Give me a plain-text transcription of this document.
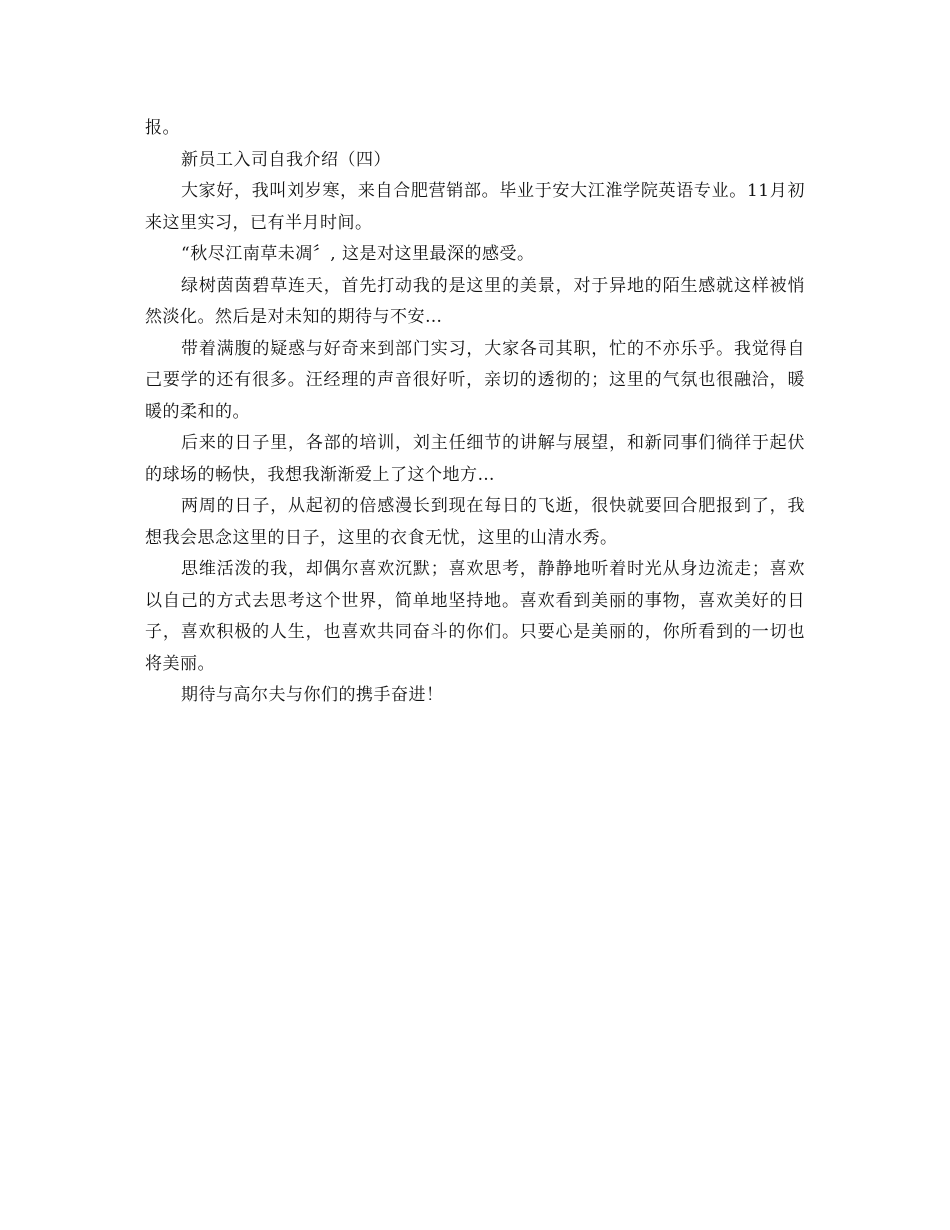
报。

新员工入司自我介绍（四）

大家好，我叫刘岁寒，来自合肥营销部。毕业于安大江淮学院英语专业。11月初来这里实习，已有半月时间。

“秋尽江南草未凋〞, 这是对这里最深的感受。

绿树茵茵碧草连天，首先打动我的是这里的美景，对于异地的陌生感就这样被悄然淡化。然后是对未知的期待与不安…

带着满腹的疑惑与好奇来到部门实习，大家各司其职，忙的不亦乐乎。我觉得自己要学的还有很多。汪经理的声音很好听，亲切的透彻的；这里的气氛也很融洽，暖暖的柔和的。

后来的日子里，各部的培训，刘主任细节的讲解与展望，和新同事们徜徉于起伏的球场的畅快，我想我渐渐爱上了这个地方…

两周的日子，从起初的倍感漫长到现在每日的飞逝，很快就要回合肥报到了，我想我会思念这里的日子，这里的衣食无忧，这里的山清水秀。

思维活泼的我，却偶尔喜欢沉默；喜欢思考，静静地听着时光从身边流走；喜欢以自己的方式去思考这个世界，简单地坚持地。喜欢看到美丽的事物，喜欢美好的日子，喜欢积极的人生，也喜欢共同奋斗的你们。只要心是美丽的，你所看到的一切也将美丽。

期待与高尔夫与你们的携手奋进！
